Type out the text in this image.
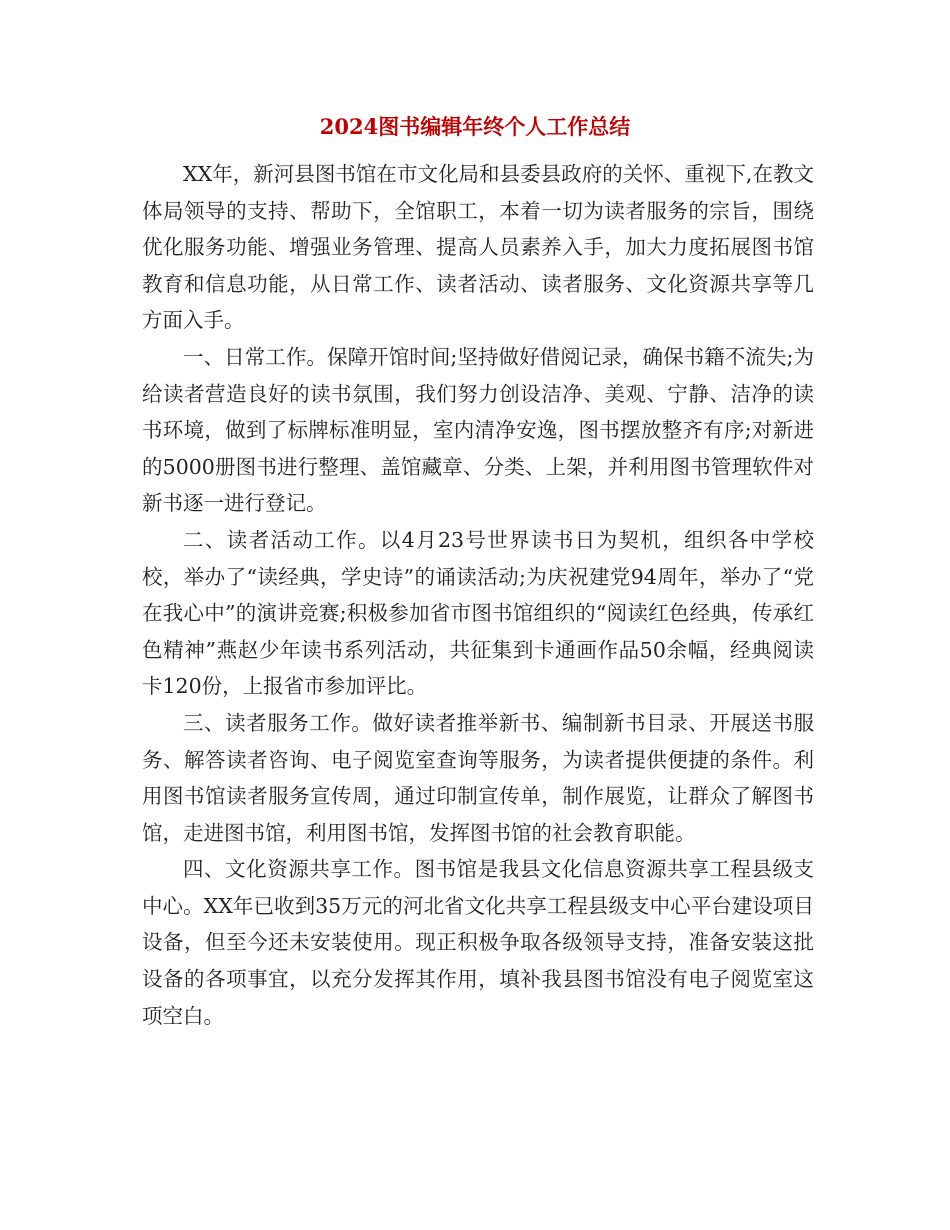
2024图书编辑年终个人工作总结

XX年，新河县图书馆在市文化局和县委县政府的关怀、重视下,在教文体局领导的支持、帮助下，全馆职工，本着一切为读者服务的宗旨，围绕优化服务功能、增强业务管理、提高人员素养入手，加大力度拓展图书馆教育和信息功能，从日常工作、读者活动、读者服务、文化资源共享等几方面入手。

一、日常工作。保障开馆时间;坚持做好借阅记录，确保书籍不流失;为给读者营造良好的读书氛围，我们努力创设洁净、美观、宁静、洁净的读书环境，做到了标牌标准明显，室内清净安逸，图书摆放整齐有序;对新进的5000册图书进行整理、盖馆藏章、分类、上架，并利用图书管理软件对新书逐一进行登记。

二、读者活动工作。以4月23号世界读书日为契机，组织各中学校校，举办了“读经典，学史诗”的诵读活动;为庆祝建党94周年，举办了“党在我心中”的演讲竞赛;积极参加省市图书馆组织的“阅读红色经典，传承红色精神”燕赵少年读书系列活动，共征集到卡通画作品50余幅，经典阅读卡120份，上报省市参加评比。

三、读者服务工作。做好读者推举新书、编制新书目录、开展送书服务、解答读者咨询、电子阅览室查询等服务，为读者提供便捷的条件。利用图书馆读者服务宣传周，通过印制宣传单，制作展览，让群众了解图书馆，走进图书馆，利用图书馆，发挥图书馆的社会教育职能。

四、文化资源共享工作。图书馆是我县文化信息资源共享工程县级支中心。XX年已收到35万元的河北省文化共享工程县级支中心平台建设项目设备，但至今还未安装使用。现正积极争取各级领导支持，准备安装这批设备的各项事宜，以充分发挥其作用，填补我县图书馆没有电子阅览室这项空白。
